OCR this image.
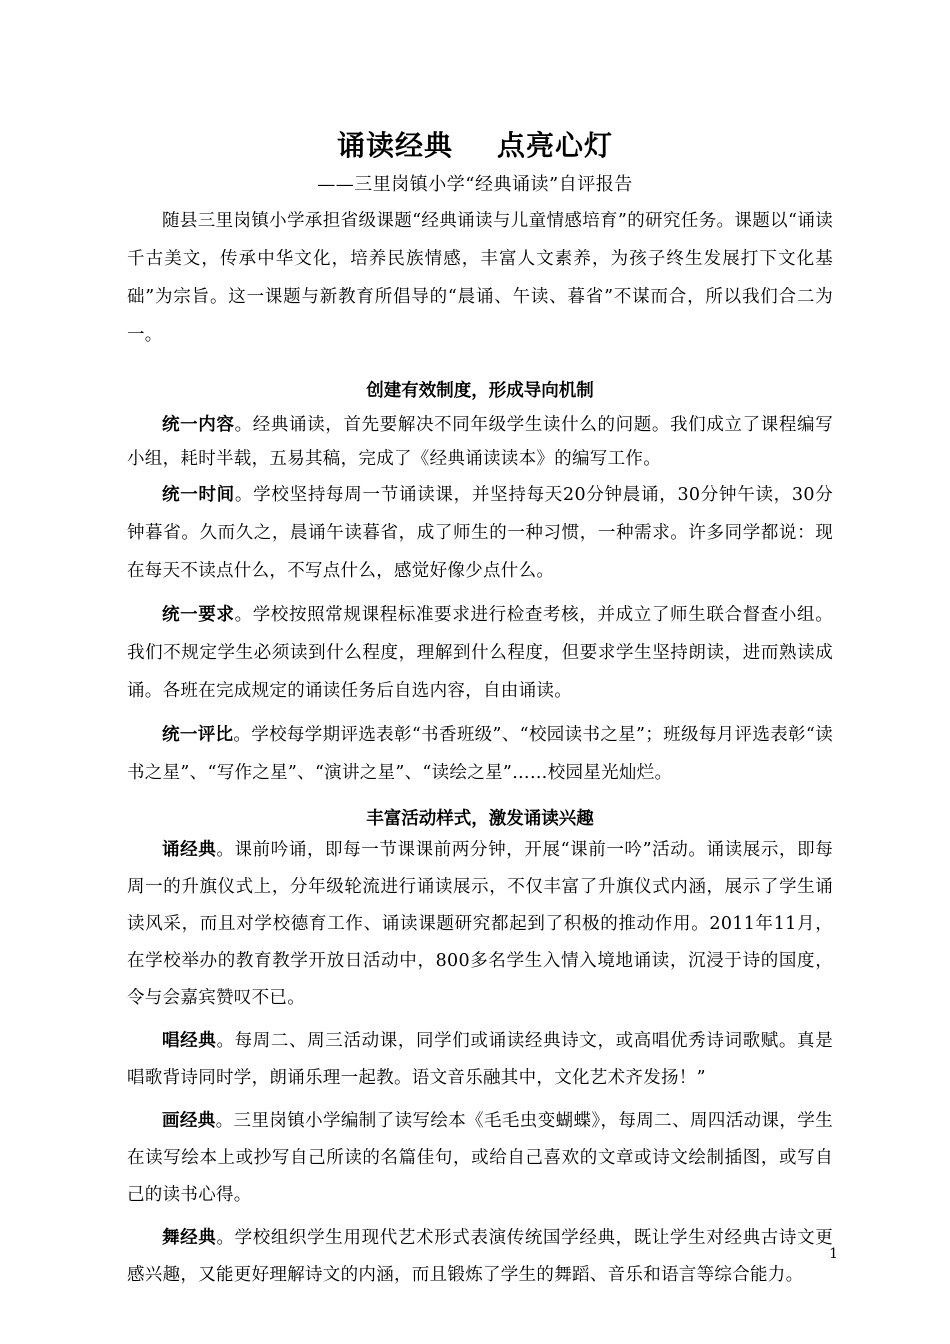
诵读经典 点亮心灯
——三里岗镇小学“经典诵读”自评报告

随县三里岗镇小学承担省级课题“经典诵读与儿童情感培育”的研究任务。课题以“诵读千古美文，传承中华文化，培养民族情感，丰富人文素养，为孩子终生发展打下文化基础”为宗旨。这一课题与新教育所倡导的“晨诵、午读、暮省”不谋而合，所以我们合二为一。

创建有效制度，形成导向机制

统一内容。经典诵读，首先要解决不同年级学生读什么的问题。我们成立了课程编写小组，耗时半载，五易其稿，完成了《经典诵读读本》的编写工作。

统一时间。学校坚持每周一节诵读课，并坚持每天20分钟晨诵，30分钟午读，30分钟暮省。久而久之，晨诵午读暮省，成了师生的一种习惯，一种需求。许多同学都说：现在每天不读点什么，不写点什么，感觉好像少点什么。

统一要求。学校按照常规课程标准要求进行检查考核，并成立了师生联合督查小组。我们不规定学生必须读到什么程度，理解到什么程度，但要求学生坚持朗读，进而熟读成诵。各班在完成规定的诵读任务后自选内容，自由诵读。

统一评比。学校每学期评选表彰“书香班级”、“校园读书之星”；班级每月评选表彰“读书之星”、“写作之星”、“演讲之星”、“读绘之星”……校园星光灿烂。

丰富活动样式，激发诵读兴趣

诵经典。课前吟诵，即每一节课课前两分钟，开展“课前一吟”活动。诵读展示，即每周一的升旗仪式上，分年级轮流进行诵读展示，不仅丰富了升旗仪式内涵，展示了学生诵读风采，而且对学校德育工作、诵读课题研究都起到了积极的推动作用。2011年11月，在学校举办的教育教学开放日活动中，800多名学生入情入境地诵读，沉浸于诗的国度，令与会嘉宾赞叹不已。

唱经典。每周二、周三活动课，同学们或诵读经典诗文，或高唱优秀诗词歌赋。真是唱歌背诗同时学，朗诵乐理一起教。语文音乐融其中，文化艺术齐发扬！”

画经典。三里岗镇小学编制了读写绘本《毛毛虫变蝴蝶》，每周二、周四活动课，学生在读写绘本上或抄写自己所读的名篇佳句，或给自己喜欢的文章或诗文绘制插图，或写自己的读书心得。

舞经典。学校组织学生用现代艺术形式表演传统国学经典，既让学生对经典古诗文更感兴趣，又能更好理解诗文的内涵，而且锻炼了学生的舞蹈、音乐和语言等综合能力。

1
